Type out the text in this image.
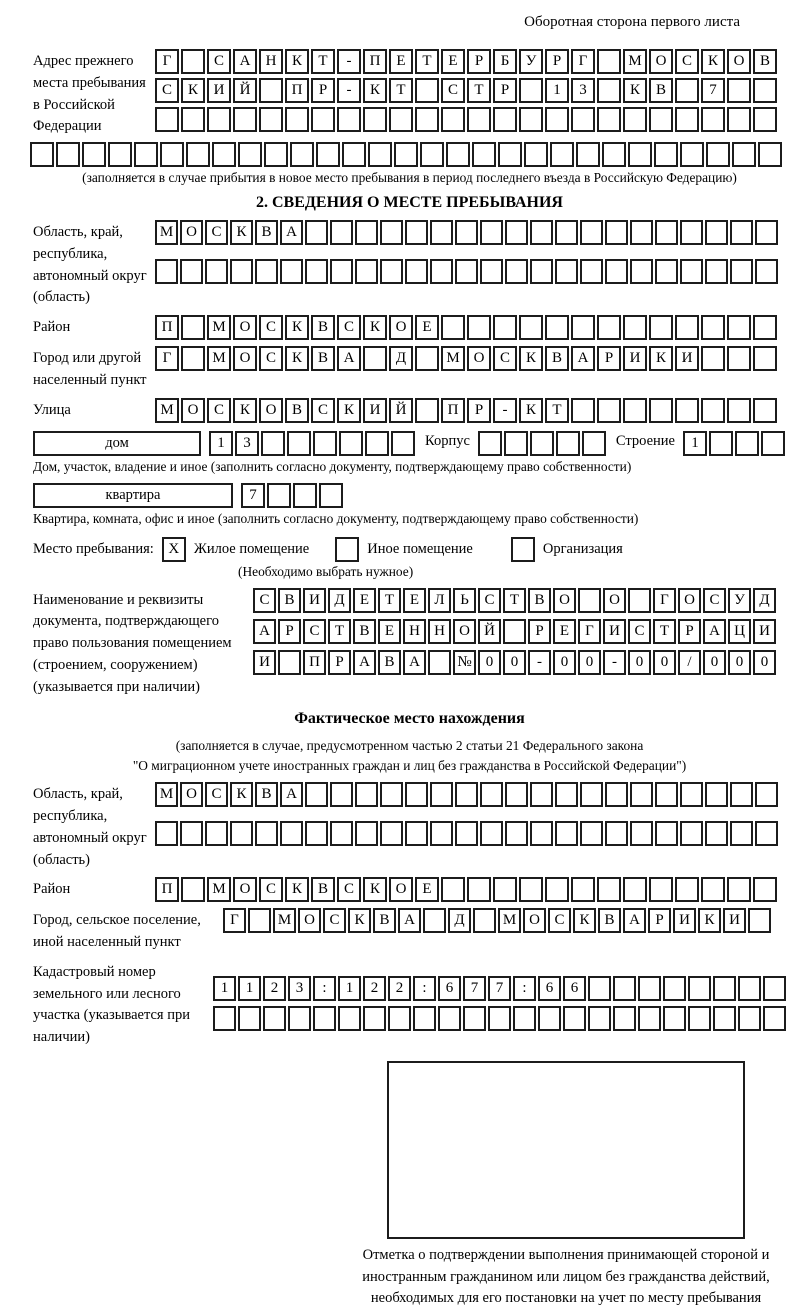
Оборотная сторона первого листа
Адрес прежнего места пребывания в Российской Федерации
Г	С	А	Н	К	Т	-	П	Е	Т	Е	Р	Б	У	Р	Г	М О	С	К	О	В
С	К	И	Й	П	Р	-	К	Т	С	Т	Р	1	3	К	В	7
(заполняется в случае прибытия в новое место пребывания в период последнего въезда в Российскую Федерацию)
2. СВЕДЕНИЯ О МЕСТЕ ПРЕБЫВАНИЯ
Область, край, республика, автономный округ (область)
М О С К В А
Район	П	М О	С	К	В	С	К	О	Е
Город или другой населенный пункт
Г	М О	С	К	В	А	Д	М О	С	К	В	А	Р	И	К	И
Улица	М О	С	К	О	В	С	К	И	Й	П	Р	-	К	Т
дом	1	3	Корпус	Строение	1
Дом, участок, владение и иное (заполнить согласно документу, подтверждающему право собственности)
квартира	7
Квартира, комната, офис и иное (заполнить согласно документу, подтверждающему право собственности)
Место пребывания: X	Жилое помещение	Иное помещение	Организация
(Необходимо выбрать нужное)
Наименование и реквизиты документа, подтверждающего право пользования помещением (строением, сооружением) (указывается при наличии)
С В И Д	Е	Т	Е	Л	Ь	С	Т	В О	О	Г	О С У Д
А	Р	С	Т	В	Е	Н Н О Й	Р	Е	Г	И С	Т	Р	А Ц И
И	П	Р	А В А	№ 0	0	-	0	0	-	0	0	/	0	0	0
Фактическое место нахождения
(заполняется в случае, предусмотренном частью 2 статьи 21 Федерального закона
"О миграционном учете иностранных граждан и лиц без гражданства в Российской Федерации")
Область, край, республика, автономный округ (область)
М О С К В А
Район	П	М О	С	К	В	С	К	О	Е
Город, сельское поселение, иной населенный пункт
Г	М О С К В А	Д	М О С К В А	Р	И К И
Кадастровый номер земельного или лесного участка (указывается при наличии)
1	1	2	3	:	1	2	2	:	6	7	7	:	6	6
Отметка о подтверждении выполнения принимающей стороной и иностранным гражданином или лицом без гражданства действий, необходимых для его постановки на учет по месту пребывания
